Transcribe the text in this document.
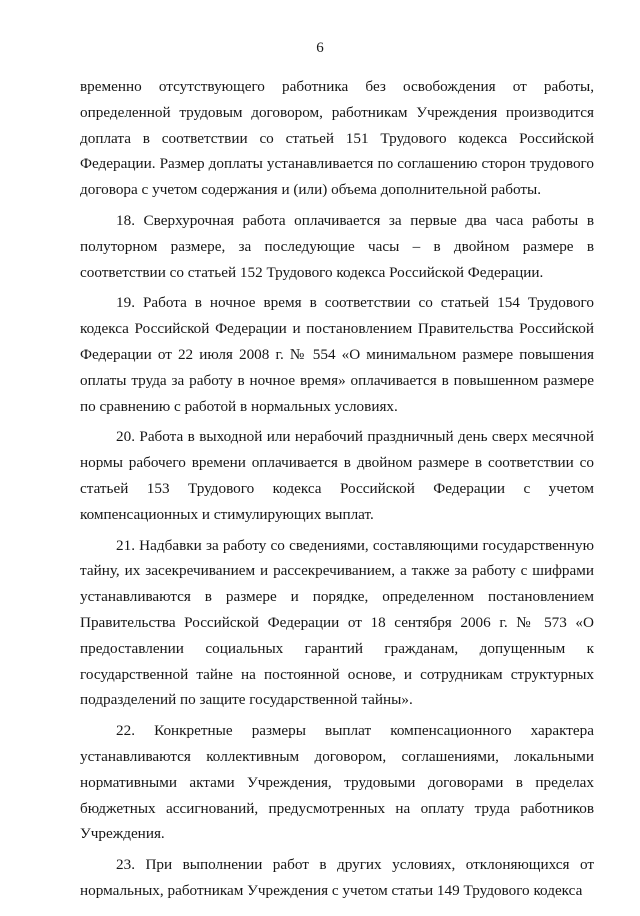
6

временно отсутствующего работника без освобождения от работы, определенной трудовым договором, работникам Учреждения производится доплата в соответствии со статьей 151 Трудового кодекса Российской Федерации. Размер доплаты устанавливается по соглашению сторон трудового договора с учетом содержания и (или) объема дополнительной работы.

18. Сверхурочная работа оплачивается за первые два часа работы в полуторном размере, за последующие часы – в двойном размере в соответствии со статьей 152 Трудового кодекса Российской Федерации.

19. Работа в ночное время в соответствии со статьей 154 Трудового кодекса Российской Федерации и постановлением Правительства Российской Федерации от 22 июля 2008 г. № 554 «О минимальном размере повышения оплаты труда за работу в ночное время» оплачивается в повышенном размере по сравнению с работой в нормальных условиях.

20. Работа в выходной или нерабочий праздничный день сверх месячной нормы рабочего времени оплачивается в двойном размере в соответствии со статьей 153 Трудового кодекса Российской Федерации с учетом компенсационных и стимулирующих выплат.

21. Надбавки за работу со сведениями, составляющими государственную тайну, их засекречиванием и рассекречиванием, а также за работу с шифрами устанавливаются в размере и порядке, определенном постановлением Правительства Российской Федерации от 18 сентября 2006 г. № 573 «О предоставлении социальных гарантий гражданам, допущенным к государственной тайне на постоянной основе, и сотрудникам структурных подразделений по защите государственной тайны».

22. Конкретные размеры выплат компенсационного характера устанавливаются коллективным договором, соглашениями, локальными нормативными актами Учреждения, трудовыми договорами в пределах бюджетных ассигнований, предусмотренных на оплату труда работников Учреждения.

23. При выполнении работ в других условиях, отклоняющихся от нормальных, работникам Учреждения с учетом статьи 149 Трудового кодекса
